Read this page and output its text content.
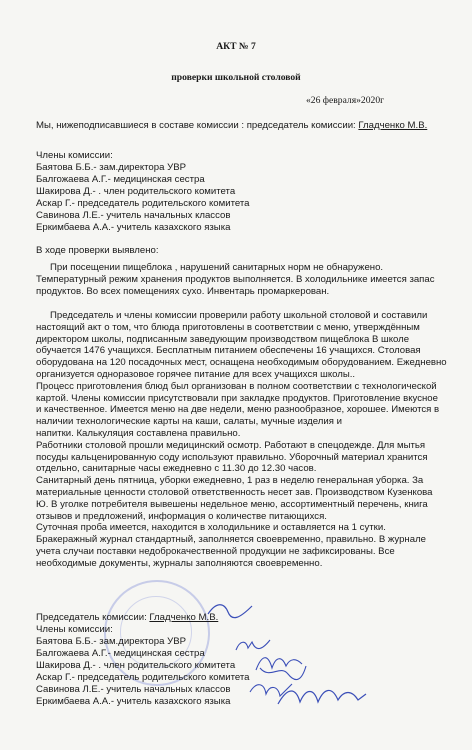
АКТ № 7
проверки школьной столовой
«26 февраля»2020г
Мы, нижеподписавшиеся в составе комиссии : председатель комиссии: Гладченко М.В.
Члены комиссии:
Баятова Б.Б.- зам.директора УВР
Балгожаева А.Г.- медицинская сестра
Шакирова Д.- . член родительского комитета
Аскар Г.- председатель родительского комитета
Савинова Л.Е.- учитель начальных классов
Еркимбаева А.А.- учитель казахского языка
В ходе проверки выявлено:
При посещении пищеблока , нарушений санитарных норм не обнаружено.
Температурный режим хранения продуктов выполняется. В холодильнике имеется запас
продуктов. Во всех помещениях сухо. Инвентарь промаркерован.
Председатель и члены комиссии проверили работу школьной столовой и составили
настоящий акт о том, что блюда приготовлены в соответствии с меню, утверждённым
директором школы, подписанным заведующим производством пищеблока В школе
обучается 1476 учащихся. Бесплатным питанием обеспечены 16 учащихся. Столовая
оборудована на 120 посадочных мест, оснащена необходимым оборудованием. Ежедневно
организуется одноразовое горячее питание для всех учащихся школы..
Процесс приготовления блюд был организован в полном соответствии с технологической
картой. Члены комиссии присутствовали при закладке продуктов. Приготовление вкусное
и качественное. Имеется меню на две недели, меню разнообразное, хорошее. Имеются в
наличии технологические карты на каши, салаты, мучные изделия и
напитки. Калькуляция составлена правильно.
Работники столовой прошли медицинский осмотр. Работают в спецодежде. Для мытья
посуды кальценированную соду используют правильно. Уборочный материал хранится
отдельно, санитарные часы ежедневно с 11.30 до 12.30 часов.
Санитарный день пятница, уборки ежедневно, 1 раз в неделю генеральная уборка. За
материальные ценности столовой ответственность несет зав. Производством Кузенкова
Ю. В уголке потребителя вывешены недельное меню, ассортиментный перечень, книга
отзывов и предложений, информация о количестве питающихся.
Суточная проба имеется, находится в холодильнике и оставляется на 1 сутки.
Бракеражный журнал стандартный, заполняется своевременно, правильно. В журнале
учета случаи поставки недоброкачественной продукции не зафиксированы. Все
необходимые документы, журналы заполняются своевременно.
Председатель комиссии: Гладченко М.В.
Члены комиссии:
Баятова Б.Б.- зам.директора УВР
Балгожаева А.Г.- медицинская сестра
Шакирова Д.- . член родительского комитета
Аскар Г.- председатель родительского комитета
Савинова Л.Е.- учитель начальных классов
Еркимбаева А.А.- учитель казахского языка
